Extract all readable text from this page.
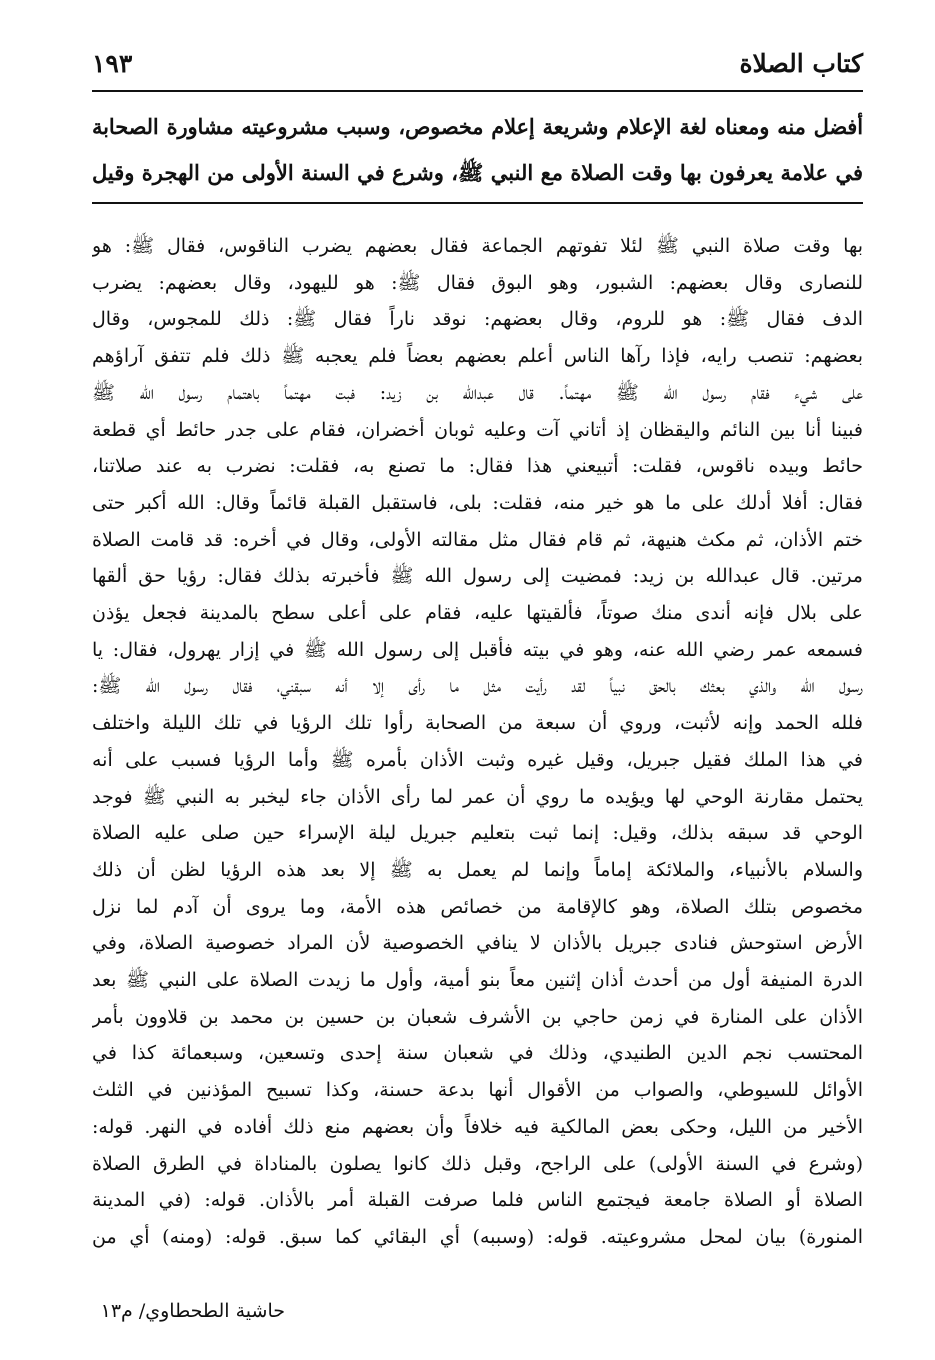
كتاب الصلاة
١٩٣
أفضل منه ومعناه لغة الإعلام وشريعة إعلام مخصوص، وسبب مشروعيته مشاورة الصحابة
في علامة يعرفون بها وقت الصلاة مع النبي ﷺ، وشرع في السنة الأولى من الهجرة وقيل
بها وقت صلاة النبي ﷺ لئلا تفوتهم الجماعة فقال بعضهم يضرب الناقوس، فقال ﷺ: هو
للنصارى وقال بعضهم: الشبور، وهو البوق فقال ﷺ: هو لليهود، وقال بعضهم: يضرب
الدف فقال ﷺ: هو للروم، وقال بعضهم: نوقد ناراً فقال ﷺ: ذلك للمجوس، وقال
بعضهم: تنصب رايه، فإذا رآها الناس أعلم بعضهم بعضاً فلم يعجبه ﷺ ذلك فلم تتفق آراؤهم
على شيء فقام رسول الله ﷺ مهتماً. قال عبدالله بن زيد: فبت مهتماً باهتمام رسول الله ﷺ
فبينا أنا بين النائم واليقظان إذ أتاني آت وعليه ثوبان أخضران، فقام على جدر حائط أي قطعة
حائط وبيده ناقوس، فقلت: أتبيعني هذا فقال: ما تصنع به، فقلت: نضرب به عند صلاتنا،
فقال: أفلا أدلك على ما هو خير منه، فقلت: بلى، فاستقبل القبلة قائماً وقال: الله أكبر حتى
ختم الأذان، ثم مكث هنيهة، ثم قام فقال مثل مقالته الأولى، وقال في أخره: قد قامت الصلاة
مرتين. قال عبدالله بن زيد: فمضيت إلى رسول الله ﷺ فأخبرته بذلك فقال: رؤيا حق ألقها
على بلال فإنه أندى منك صوتاً، فألقيتها عليه، فقام على أعلى سطح بالمدينة فجعل يؤذن
فسمعه عمر رضي الله عنه، وهو في بيته فأقبل إلى رسول الله ﷺ في إزار يهرول، فقال: يا
رسول الله والذي بعثك بالحق نبياً لقد رأيت مثل ما رأى إلا أنه سبقني، فقال رسول الله ﷺ:
فلله الحمد وإنه لأثبت، وروي أن سبعة من الصحابة رأوا تلك الرؤيا في تلك الليلة واختلف
في هذا الملك فقيل جبريل، وقيل غيره وثبت الأذان بأمره ﷺ وأما الرؤيا فسبب على أنه
يحتمل مقارنة الوحي لها ويؤيده ما روي أن عمر لما رأى الأذان جاء ليخبر به النبي ﷺ فوجد
الوحي قد سبقه بذلك، وقيل: إنما ثبت بتعليم جبريل ليلة الإسراء حين صلى عليه الصلاة
والسلام بالأنبياء، والملائكة إماماً وإنما لم يعمل به ﷺ إلا بعد هذه الرؤيا لظن أن ذلك
مخصوص بتلك الصلاة، وهو كالإقامة من خصائص هذه الأمة، وما يروى أن آدم لما نزل
الأرض استوحش فنادى جبريل بالأذان لا ينافي الخصوصية لأن المراد خصوصية الصلاة، وفي
الدرة المنيفة أول من أحدث أذان إثنين معاً بنو أمية، وأول ما زيدت الصلاة على النبي ﷺ بعد
الأذان على المنارة في زمن حاجي بن الأشرف شعبان بن حسين بن محمد بن قلاوون بأمر
المحتسب نجم الدين الطنيدي، وذلك في شعبان سنة إحدى وتسعين، وسبعمائة كذا في
الأوائل للسيوطي، والصواب من الأقوال أنها بدعة حسنة، وكذا تسبيح المؤذنين في الثلث
الأخير من الليل، وحكى بعض المالكية فيه خلافاً وأن بعضهم منع ذلك أفاده في النهر. قوله:
(وشرع في السنة الأولى) على الراجح، وقبل ذلك كانوا يصلون بالمناداة في الطرق الصلاة
الصلاة أو الصلاة جامعة فيجتمع الناس فلما صرفت القبلة أمر بالأذان. قوله: (في المدينة
المنورة) بيان لمحل مشروعيته. قوله: (وسببه) أي البقائي كما سبق. قوله: (ومنه) أي من
حاشية الطحطاوي/ م١٣
